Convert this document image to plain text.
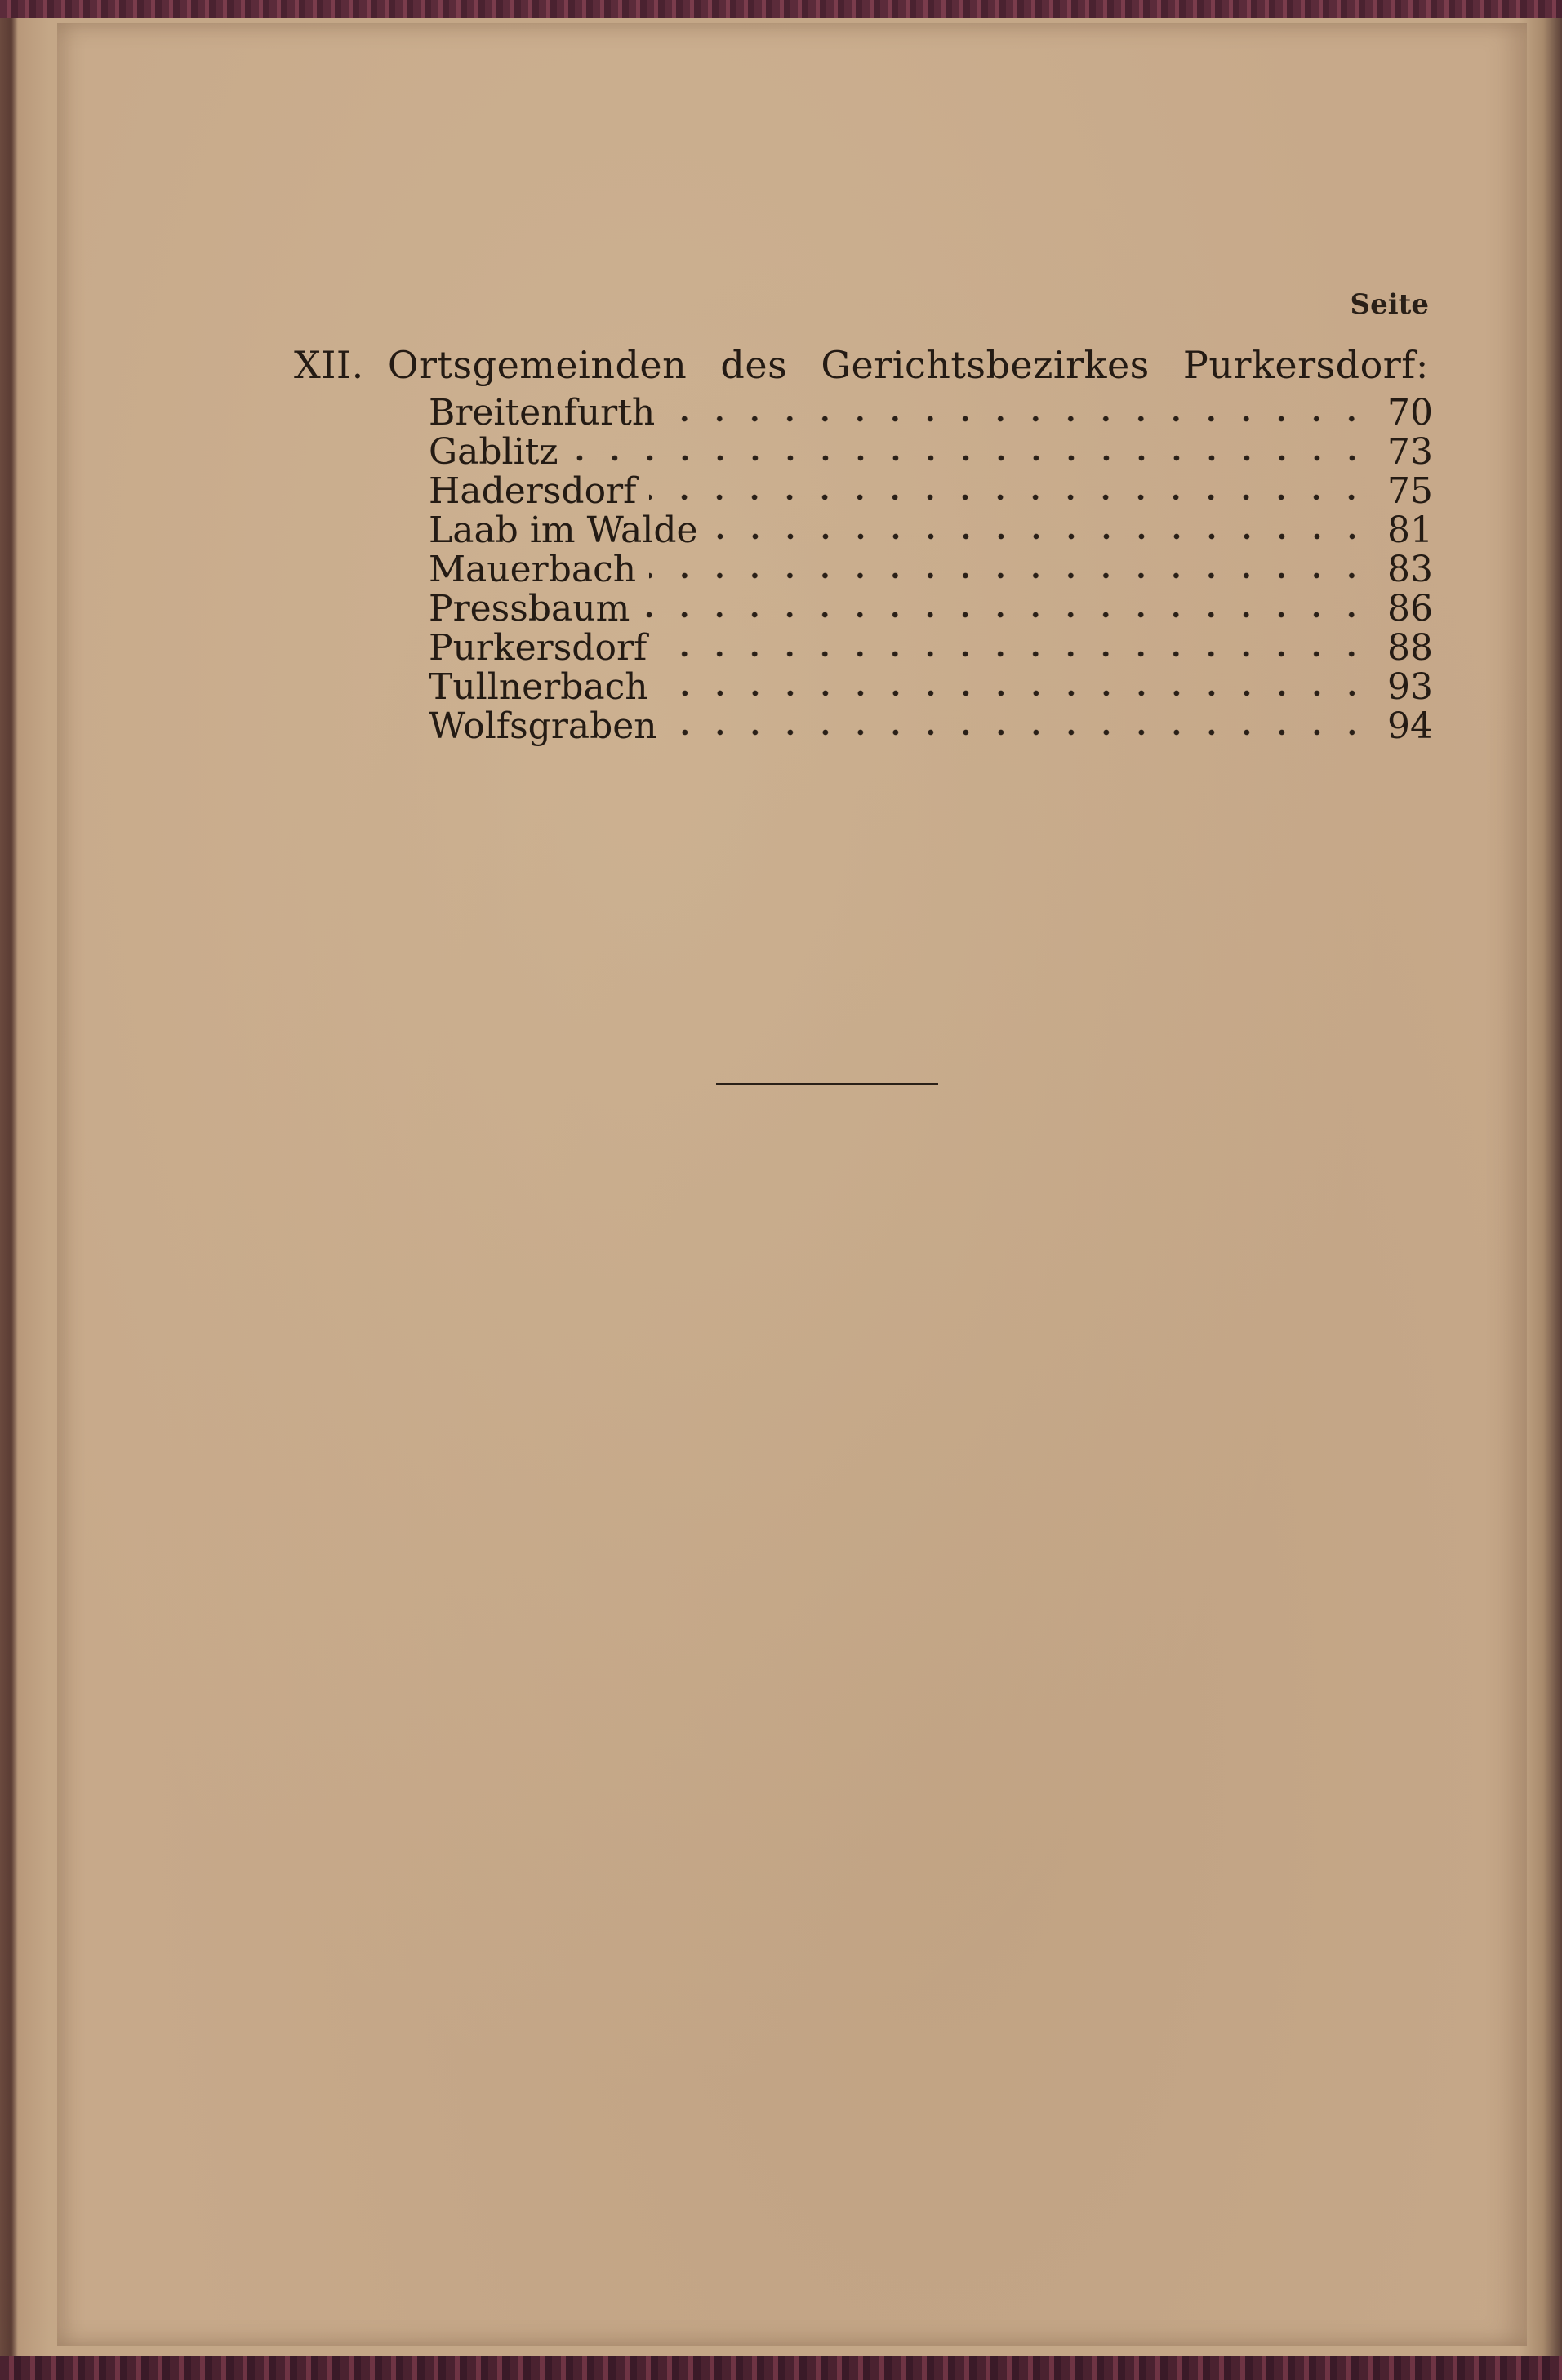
Seite
XII. Ortsgemeinden des Gerichtsbezirkes Purkersdorf:
Breitenfurth	70
Gablitz	73
Hadersdorf	75
Laab im Walde	81
Mauerbach	83
Pressbaum	86
Purkersdorf	88
Tullnerbach	93
Wolfsgraben	94
